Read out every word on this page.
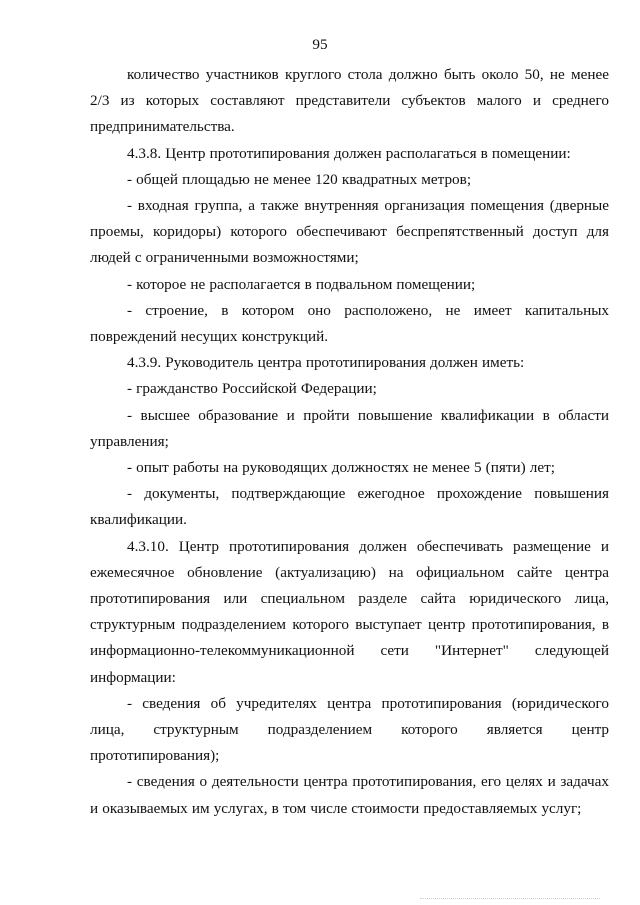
95

количество участников круглого стола должно быть около 50, не менее 2/3 из которых составляют представители субъектов малого и среднего предпринимательства.

4.3.8. Центр прототипирования должен располагаться в помещении:

- общей площадью не менее 120 квадратных метров;

- входная группа, а также внутренняя организация помещения (дверные проемы, коридоры) которого обеспечивают беспрепятственный доступ для людей с ограниченными возможностями;

- которое не располагается в подвальном помещении;

- строение, в котором оно расположено, не имеет капитальных повреждений несущих конструкций.

4.3.9. Руководитель центра прототипирования должен иметь:

- гражданство Российской Федерации;

- высшее образование и пройти повышение квалификации в области управления;

- опыт работы на руководящих должностях не менее 5 (пяти) лет;

- документы, подтверждающие ежегодное прохождение повышения квалификации.

4.3.10. Центр прототипирования должен обеспечивать размещение и ежемесячное обновление (актуализацию) на официальном сайте центра прототипирования или специальном разделе сайта юридического лица, структурным подразделением которого выступает центр прототипирования, в информационно-телекоммуникационной сети "Интернет" следующей информации:

- сведения об учредителях центра прототипирования (юридического лица, структурным подразделением которого является центр прототипирования);

- сведения о деятельности центра прототипирования, его целях и задачах и оказываемых им услугах, в том числе стоимости предоставляемых услуг;
